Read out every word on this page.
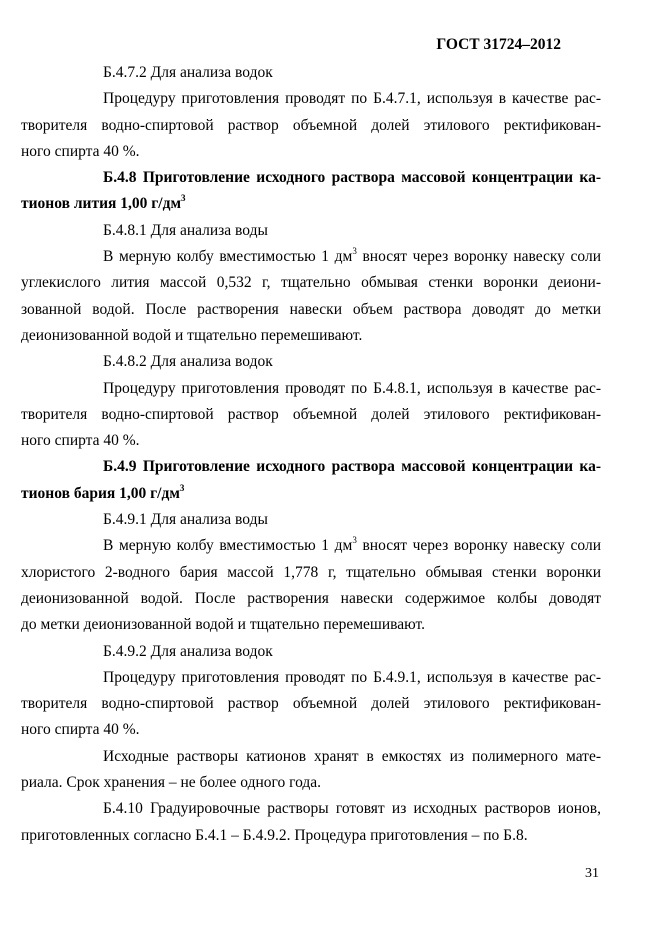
ГОСТ 31724–2012

Б.4.7.2 Для анализа водок

Процедуру приготовления проводят по Б.4.7.1, используя в качестве рас-
творителя водно-спиртовой раствор объемной долей этилового ректификован-
ного спирта 40 %.

Б.4.8 Приготовление исходного раствора массовой концентрации ка-
тионов лития 1,00 $г/дм^3$

Б.4.8.1 Для анализа воды

В мерную колбу вместимостью 1 $дм^3$ вносят через воронку навеску соли
углекислого лития массой 0,532 г, тщательно обмывая стенки воронки деиони-
зованной водой. После растворения навески объем раствора доводят до метки
деионизованной водой и тщательно перемешивают.

Б.4.8.2 Для анализа водок

Процедуру приготовления проводят по Б.4.8.1, используя в качестве рас-
творителя водно-спиртовой раствор объемной долей этилового ректификован-
ного спирта 40 %.

Б.4.9 Приготовление исходного раствора массовой концентрации ка-
тионов бария 1,00 $г/дм^3$

Б.4.9.1 Для анализа воды

В мерную колбу вместимостью 1 $дм^3$ вносят через воронку навеску соли
хлористого 2-водного бария массой 1,778 г, тщательно обмывая стенки воронки
деионизованной водой. После растворения навески содержимое колбы доводят
до метки деионизованной водой и тщательно перемешивают.

Б.4.9.2 Для анализа водок

Процедуру приготовления проводят по Б.4.9.1, используя в качестве рас-
творителя водно-спиртовой раствор объемной долей этилового ректификован-
ного спирта 40 %.

Исходные растворы катионов хранят в емкостях из полимерного мате-
риала. Срок хранения – не более одного года.

Б.4.10 Градуировочные растворы готовят из исходных растворов ионов,
приготовленных согласно Б.4.1 – Б.4.9.2. Процедура приготовления – по Б.8.

31
